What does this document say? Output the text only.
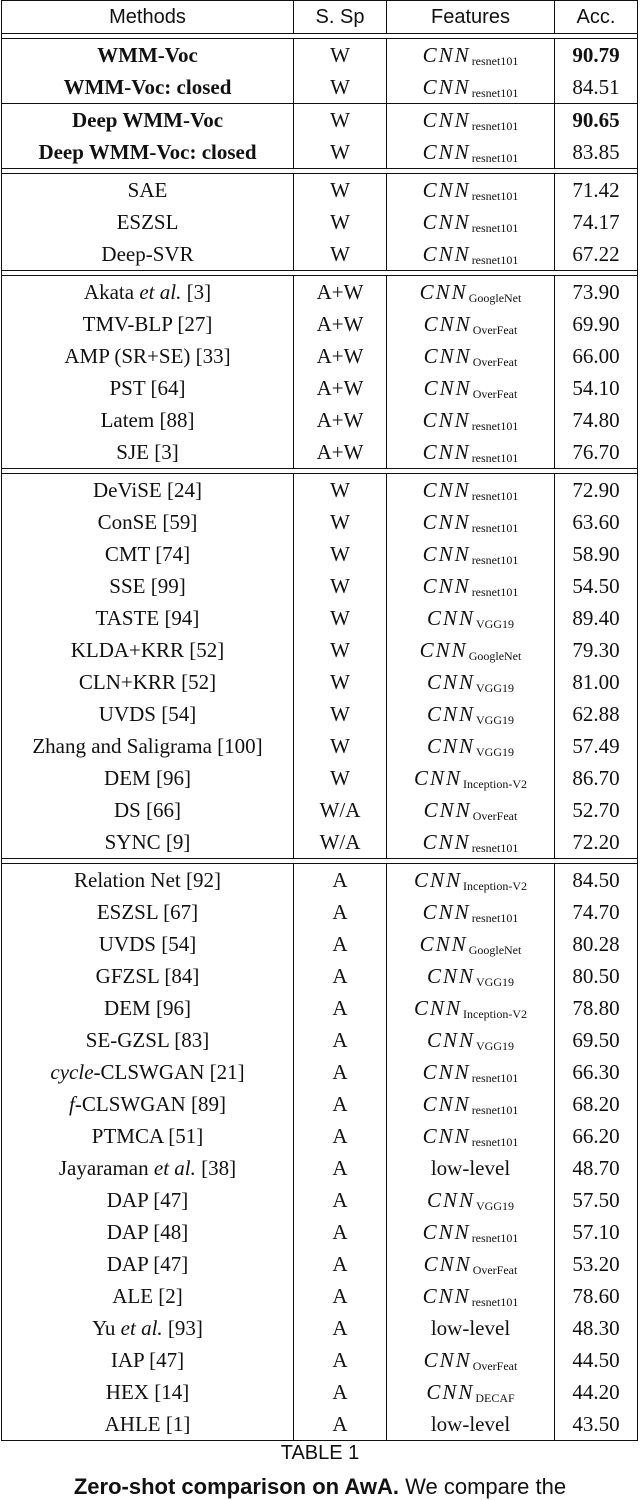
Methods	S. Sp	Features	Acc.
WMM-Voc	W	CNN resnet101	90.79
WMM-Voc: closed	W	CNN resnet101	84.51
Deep WMM-Voc	W	CNN resnet101	90.65
Deep WMM-Voc: closed	W	CNN resnet101	83.85
SAE	W	CNN resnet101	71.42
ESZSL	W	CNN resnet101	74.17
Deep-SVR	W	CNN resnet101	67.22
Akata et al. [3]	A+W	CNN GoogleNet	73.90
TMV-BLP [27]	A+W	CNN OverFeat	69.90
AMP (SR+SE) [33]	A+W	CNN OverFeat	66.00
PST [64]	A+W	CNN OverFeat	54.10
Latem [88]	A+W	CNN resnet101	74.80
SJE [3]	A+W	CNN resnet101	76.70
DeViSE [24]	W	CNN resnet101	72.90
ConSE [59]	W	CNN resnet101	63.60
CMT [74]	W	CNN resnet101	58.90
SSE [99]	W	CNN resnet101	54.50
TASTE [94]	W	CNN VGG19	89.40
KLDA+KRR [52]	W	CNN GoogleNet	79.30
CLN+KRR [52]	W	CNN VGG19	81.00
UVDS [54]	W	CNN VGG19	62.88
Zhang and Saligrama [100]	W	CNN VGG19	57.49
DEM [96]	W	CNN Inception-V2	86.70
DS [66]	W/A	CNN OverFeat	52.70
SYNC [9]	W/A	CNN resnet101	72.20
Relation Net [92]	A	CNN Inception-V2	84.50
ESZSL [67]	A	CNN resnet101	74.70
UVDS [54]	A	CNN GoogleNet	80.28
GFZSL [84]	A	CNN VGG19	80.50
DEM [96]	A	CNN Inception-V2	78.80
SE-GZSL [83]	A	CNN VGG19	69.50
cycle -CLSWGAN [21]	A	CNN resnet101	66.30
f -CLSWGAN [89]	A	CNN resnet101	68.20
PTMCA [51]	A	CNN resnet101	66.20
Jayaraman et al. [38]	A	low-level	48.70
DAP [47]	A	CNN VGG19	57.50
DAP [48]	A	CNN resnet101	57.10
DAP [47]	A	CNN OverFeat	53.20
ALE [2]	A	CNN resnet101	78.60
Yu et al. [93]	A	low-level	48.30
IAP [47]	A	CNN OverFeat	44.50
HEX [14]	A	CNN DECAF	44.20
AHLE [1]	A	low-level	43.50
TABLE 1
Zero-shot comparison on AwA. We compare the
